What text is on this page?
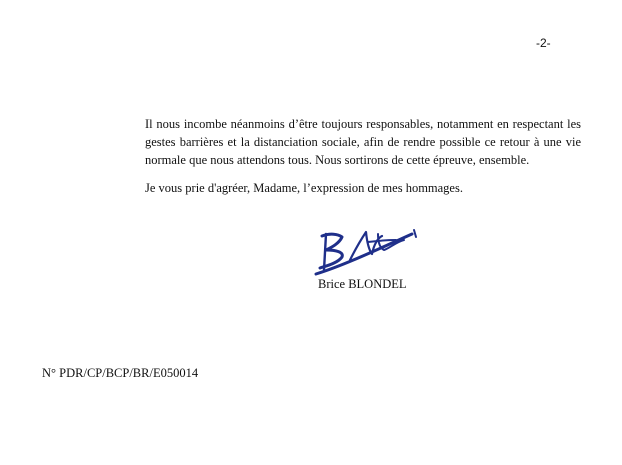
-2-

Il nous incombe néanmoins d’être toujours responsables, notamment en respectant les gestes barrières et la distanciation sociale, afin de rendre possible ce retour à une vie normale que nous attendons tous. Nous sortirons de cette épreuve, ensemble.

Je vous prie d'agréer, Madame, l’expression de mes hommages.

Brice BLONDEL
N° PDR/CP/BCP/BR/E050014
